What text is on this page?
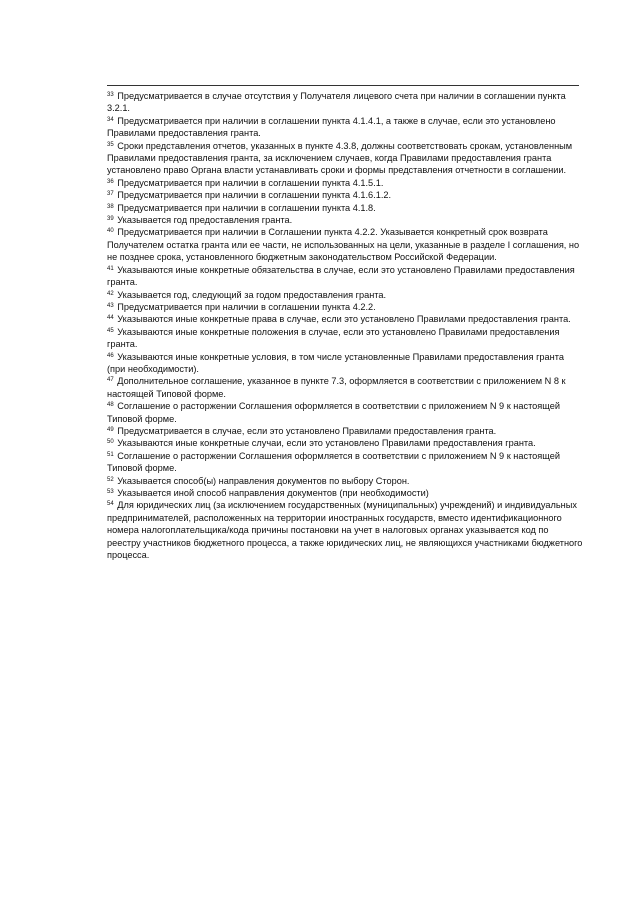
$^{33}$ Предусматривается в случае отсутствия у Получателя лицевого счета при наличии в соглашении пункта 3.2.1.

$^{34}$ Предусматривается при наличии в соглашении пункта 4.1.4.1, а также в случае, если это установлено Правилами предоставления гранта.

$^{35}$ Сроки представления отчетов, указанных в пункте 4.3.8, должны соответствовать срокам, установленным Правилами предоставления гранта, за исключением случаев, когда Правилами предоставления гранта установлено право Органа власти устанавливать сроки и формы представления отчетности в соглашении.

$^{36}$ Предусматривается при наличии в соглашении пункта 4.1.5.1.

$^{37}$ Предусматривается при наличии в соглашении пункта 4.1.6.1.2.

$^{38}$ Предусматривается при наличии в соглашении пункта 4.1.8.

$^{39}$ Указывается год предоставления гранта.

$^{40}$ Предусматривается при наличии в Соглашении пункта 4.2.2. Указывается конкретный срок возврата Получателем остатка гранта или ее части, не использованных на цели, указанные в разделе I соглашения, но не позднее срока, установленного бюджетным законодательством Российской Федерации.

$^{41}$ Указываются иные конкретные обязательства в случае, если это установлено Правилами предоставления гранта.

$^{42}$ Указывается год, следующий за годом предоставления гранта.

$^{43}$ Предусматривается при наличии в соглашении пункта 4.2.2.

$^{44}$ Указываются иные конкретные права в случае, если это установлено Правилами предоставления гранта.

$^{45}$ Указываются иные конкретные положения в случае, если это установлено Правилами предоставления гранта.

$^{46}$ Указываются иные конкретные условия, в том числе установленные Правилами предоставления гранта (при необходимости).

$^{47}$ Дополнительное соглашение, указанное в пункте 7.3, оформляется в соответствии с приложением N 8 к настоящей Типовой форме.

$^{48}$ Соглашение о расторжении Соглашения оформляется в соответствии с приложением N 9 к настоящей Типовой форме.

$^{49}$ Предусматривается в случае, если это установлено Правилами предоставления гранта.

$^{50}$ Указываются иные конкретные случаи, если это установлено Правилами предоставления гранта.

$^{51}$ Соглашение о расторжении Соглашения оформляется в соответствии с приложением N 9 к настоящей Типовой форме.

$^{52}$ Указывается способ(ы) направления документов по выбору Сторон.

$^{53}$ Указывается иной способ направления документов (при необходимости)

$^{54}$ Для юридических лиц (за исключением государственных (муниципальных) учреждений) и индивидуальных предпринимателей, расположенных на территории иностранных государств, вместо идентификационного номера налогоплательщика/кода причины постановки на учет в налоговых органах указывается код по реестру участников бюджетного процесса, а также юридических лиц, не являющихся участниками бюджетного процесса.
